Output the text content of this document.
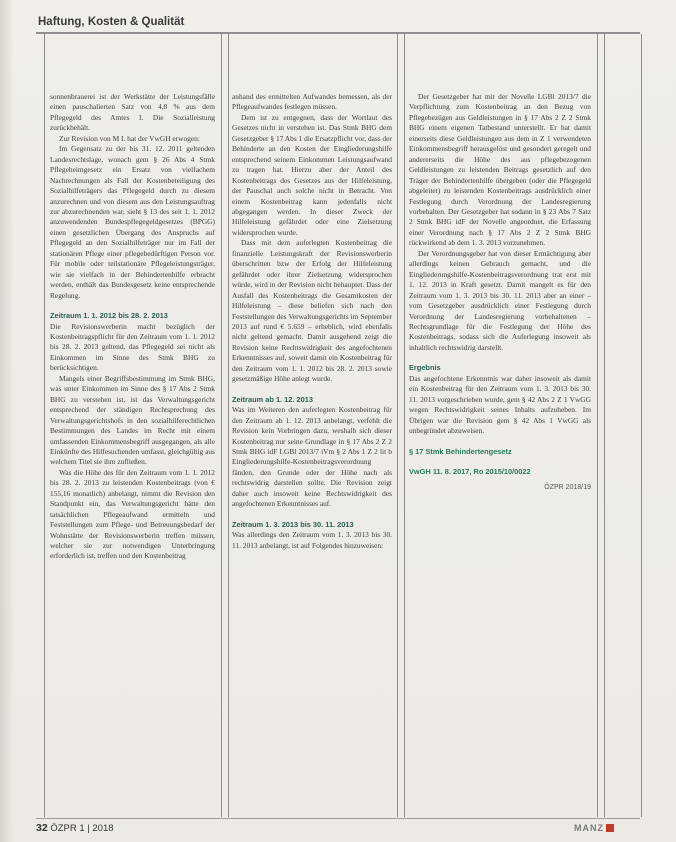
Haftung, Kosten & Qualität

sonnenbrauerei ist der Werkstätte der Leistungsfälle einen pauschalierten Satz von 4,8 % aus dem Pflegegeld des Amtes I. Die Sozialleistung zurückbehält.

Zur Revision von M I. hat der VwGH erwogen:

Im Gegensatz zu der bis 31. 12. 2011 geltenden Landesrechtslage, wonach gem § 26 Abs 4 Stmk Pflegeheimgesetz ein Ersatz von vielfachem Nachrechnungen als Fall der Kostenbeteiligung des Sozialhilfeträgers das Pflegegeld durch zu diesem anzurechnen und von diesem aus den Leistungsauftrag zur abzurechnenden war, sieht § 13 des seit 1. 1. 2012 anzuwendenden Bundespflegegeldgesetzes (BPGG) einen gesetzlichen Übergang des Anspruchs auf Pflegegeld an den Sozialhilfeträger nur im Fall der stationären Pflege einer pflegebedürftigen Person vor. Für mobile oder teilstationäre Pflegeleistungsträger, wie sie vielfach in der Behindertenhilfe erbracht werden, enthält das Bundesgesetz keine entsprechende Regelung.

Zeitraum 1. 1. 2012 bis 28. 2. 2013

Die Revisionswerberin macht bezüglich der Kostenbeitragspflicht für den Zeitraum vom 1. 1. 2012 bis 28. 2. 2013 geltend, das Pflegegeld sei nicht als Einkommen im Sinne des Stmk BHG zu berücksichtigen.

Mangels einer Begriffsbestimmung im Stmk BHG, was unter Einkommen im Sinne des § 17 Abs 2 Stmk BHG zu verstehen ist, ist das Verwaltungsgericht entsprechend der ständigen Rechtsprechung des Verwaltungsgerichtshofs in den sozialhilferechtlichen Bestimmungen des Landes im Recht mit einem umfassenden Einkommensbegriff ausgegangen, als alle Einkünfte des Hilfesuchenden umfasst, gleichgültig aus welchem Titel sie ihm zufließen.

Was die Höhe des für den Zeitraum vom 1. 1. 2012 bis 28. 2. 2013 zu leistenden Kostenbeitrags (von € 155,16 monatlich) anbelangt, nimmt die Revision den Standpunkt ein, das Verwaltungsgericht hätte den tatsächlichen Pflegeaufwand ermitteln und Feststellungen zum Pflege- und Betreuungsbedarf der Wohnstätte der Revisionswerberin treffen müssen, welcher sie zur notwendigen Unterbringung erforderlich ist, treffen und den Kostenbeitrag

anhand des ermittelten Aufwandes bemessen, als der Pflegeaufwandes festlegen müssen.

Dem ist zu entgegnen, dass der Wortlaut des Gesetzes nicht in verstehen ist. Das Stmk BHG dem Gesetzgeber § 17 Abs 1 die Ersatzpflicht vor, dass der Behinderte an den Kosten der Eingliederungshilfe entsprechend seinem Einkommen Leistungsaufwand zu tragen hat. Hierzu aber der Anteil des Kostenbeitrags des Gesetzes aus der Hilfeleistung, der Pauschal auch solche nicht in Betracht. Von einem Kostenbeitrag kann jedenfalls nicht abgegangen werden. In dieser Zweck der Hilfeleistung gefährdet oder eine Zielsetzung widersprochen wurde.

Dass mit dem auferlegten Kostenbeitrag die finanzielle Leistungskraft der Revisionswerberin überschritten bzw der Erfolg der Hilfeleistung gefährdet oder ihrer Zielsetzung widersprochen würde, wird in der Revision nicht behauptet. Dass der Ausfall des Kostenbeitrags die Gesamtkosten der Hilfeleistung – diese beliefen sich nach den Feststellungen des Verwaltungsgerichts im September 2013 auf rund € 5.659 – erheblich, wird ebenfalls nicht geltend gemacht. Damit ausgehend zeigt die Revision keine Rechtswidrigkeit des angefochtenen Erkenntnisses auf, soweit damit ein Kostenbeitrag für den Zeitraum vom 1. 1. 2012 bis 28. 2. 2013 sowie gesetzmäßige Höhe anlegt wurde.

Zeitraum ab 1. 12. 2013

Was im Weiteren den auferlegten Kostenbeitrag für den Zeitraum ab 1. 12. 2013 anbelangt, verfehlt die Revision kein Vorbringen dazu, weshalb sich dieser Kostenbeitrag nur seine Grundlage in § 17 Abs 2 Z 2 Stmk BHG idF LGBl 2013/7 iVm § 2 Abs 1 Z 2 lit b Eingliederungshilfe-Kostenbeitragsverordnung fänden, den Grunde oder der Höhe nach als rechtswidrig darstellen sollte. Die Revision zeigt daher auch insoweit keine Rechtswidrigkeit des angefochtenen Erkenntnisses auf.

Zeitraum 1. 3. 2013 bis 30. 11. 2013

Was allerdings den Zeitraum vom 1. 3. 2013 bis 30. 11. 2013 anbelangt, ist auf Folgendes hinzuweisen:

Der Gesetzgeber hat mit der Novelle LGBl 2013/7 die Verpflichtung zum Kostenbeitrag an den Bezug von Pflegebezügen aus Geldleistungen in § 17 Abs 2 Z 2 Stmk BHG einem eigenen Tatbestand unterstellt. Er hat damit einerseits diese Geldleistungen aus dem in Z 1 verwendeten Einkommensbegriff herausgelöst und gesondert geregelt und andererseits die Höhe des aus pflegebezogenen Geldleistungen zu leistenden Beitrags gesetzlich auf den Träger der Behindertenhilfe übergeben (oder die Pflegegeld abgeleitet) zu leistenden Kostenbeitrags ausdrücklich einer Festlegung durch Verordnung der Landesregierung vorbehalten. Der Gesetzgeber hat sodann in § 23 Abs 7 Satz 2 Stmk BHG idF der Novelle angeordnet, die Erfassung einer Verordnung nach § 17 Abs 2 Z 2 Stmk BHG rückwirkend ab dem 1. 3. 2013 vorzunehmen.

Der Verordnungsgeber hat von dieser Ermächtigung aber allerdings keinen Gebrauch gemacht, und die Eingliederungshilfe-Kostenbeitragsverordnung trat erst mit 1. 12. 2013 in Kraft gesetzt. Damit mangelt es für den Zeitraum vom 1. 3. 2013 bis 30. 11. 2013 aber an einer – vom Gesetzgeber ausdrücklich einer Festlegung durch Verordnung der Landesregierung vorbehaltenen – Rechtsgrundlage für die Festlegung der Höhe des Kostenbeitrags, sodass sich die Auferlegung insoweit als inhaltlich rechtswidrig darstellt.

Ergebnis

Das angefochtene Erkenntnis war daher insoweit als damit ein Kostenbeitrag für den Zeitraum vom 1. 3. 2013 bis 30. 11. 2013 vorgeschrieben wurde, gem § 42 Abs 2 Z 1 VwGG wegen Rechtswidrigkeit seines Inhalts aufzuheben. Im Übrigen war die Revision gem § 42 Abs 1 VwGG als unbegründet abzuweisen.

§ 17 Stmk Behindertengesetz

VwGH 11. 8. 2017, Ro 2015/10/0022

ÖZPR 2018/19

32 ÖZPR 1 | 2018	MANZ
